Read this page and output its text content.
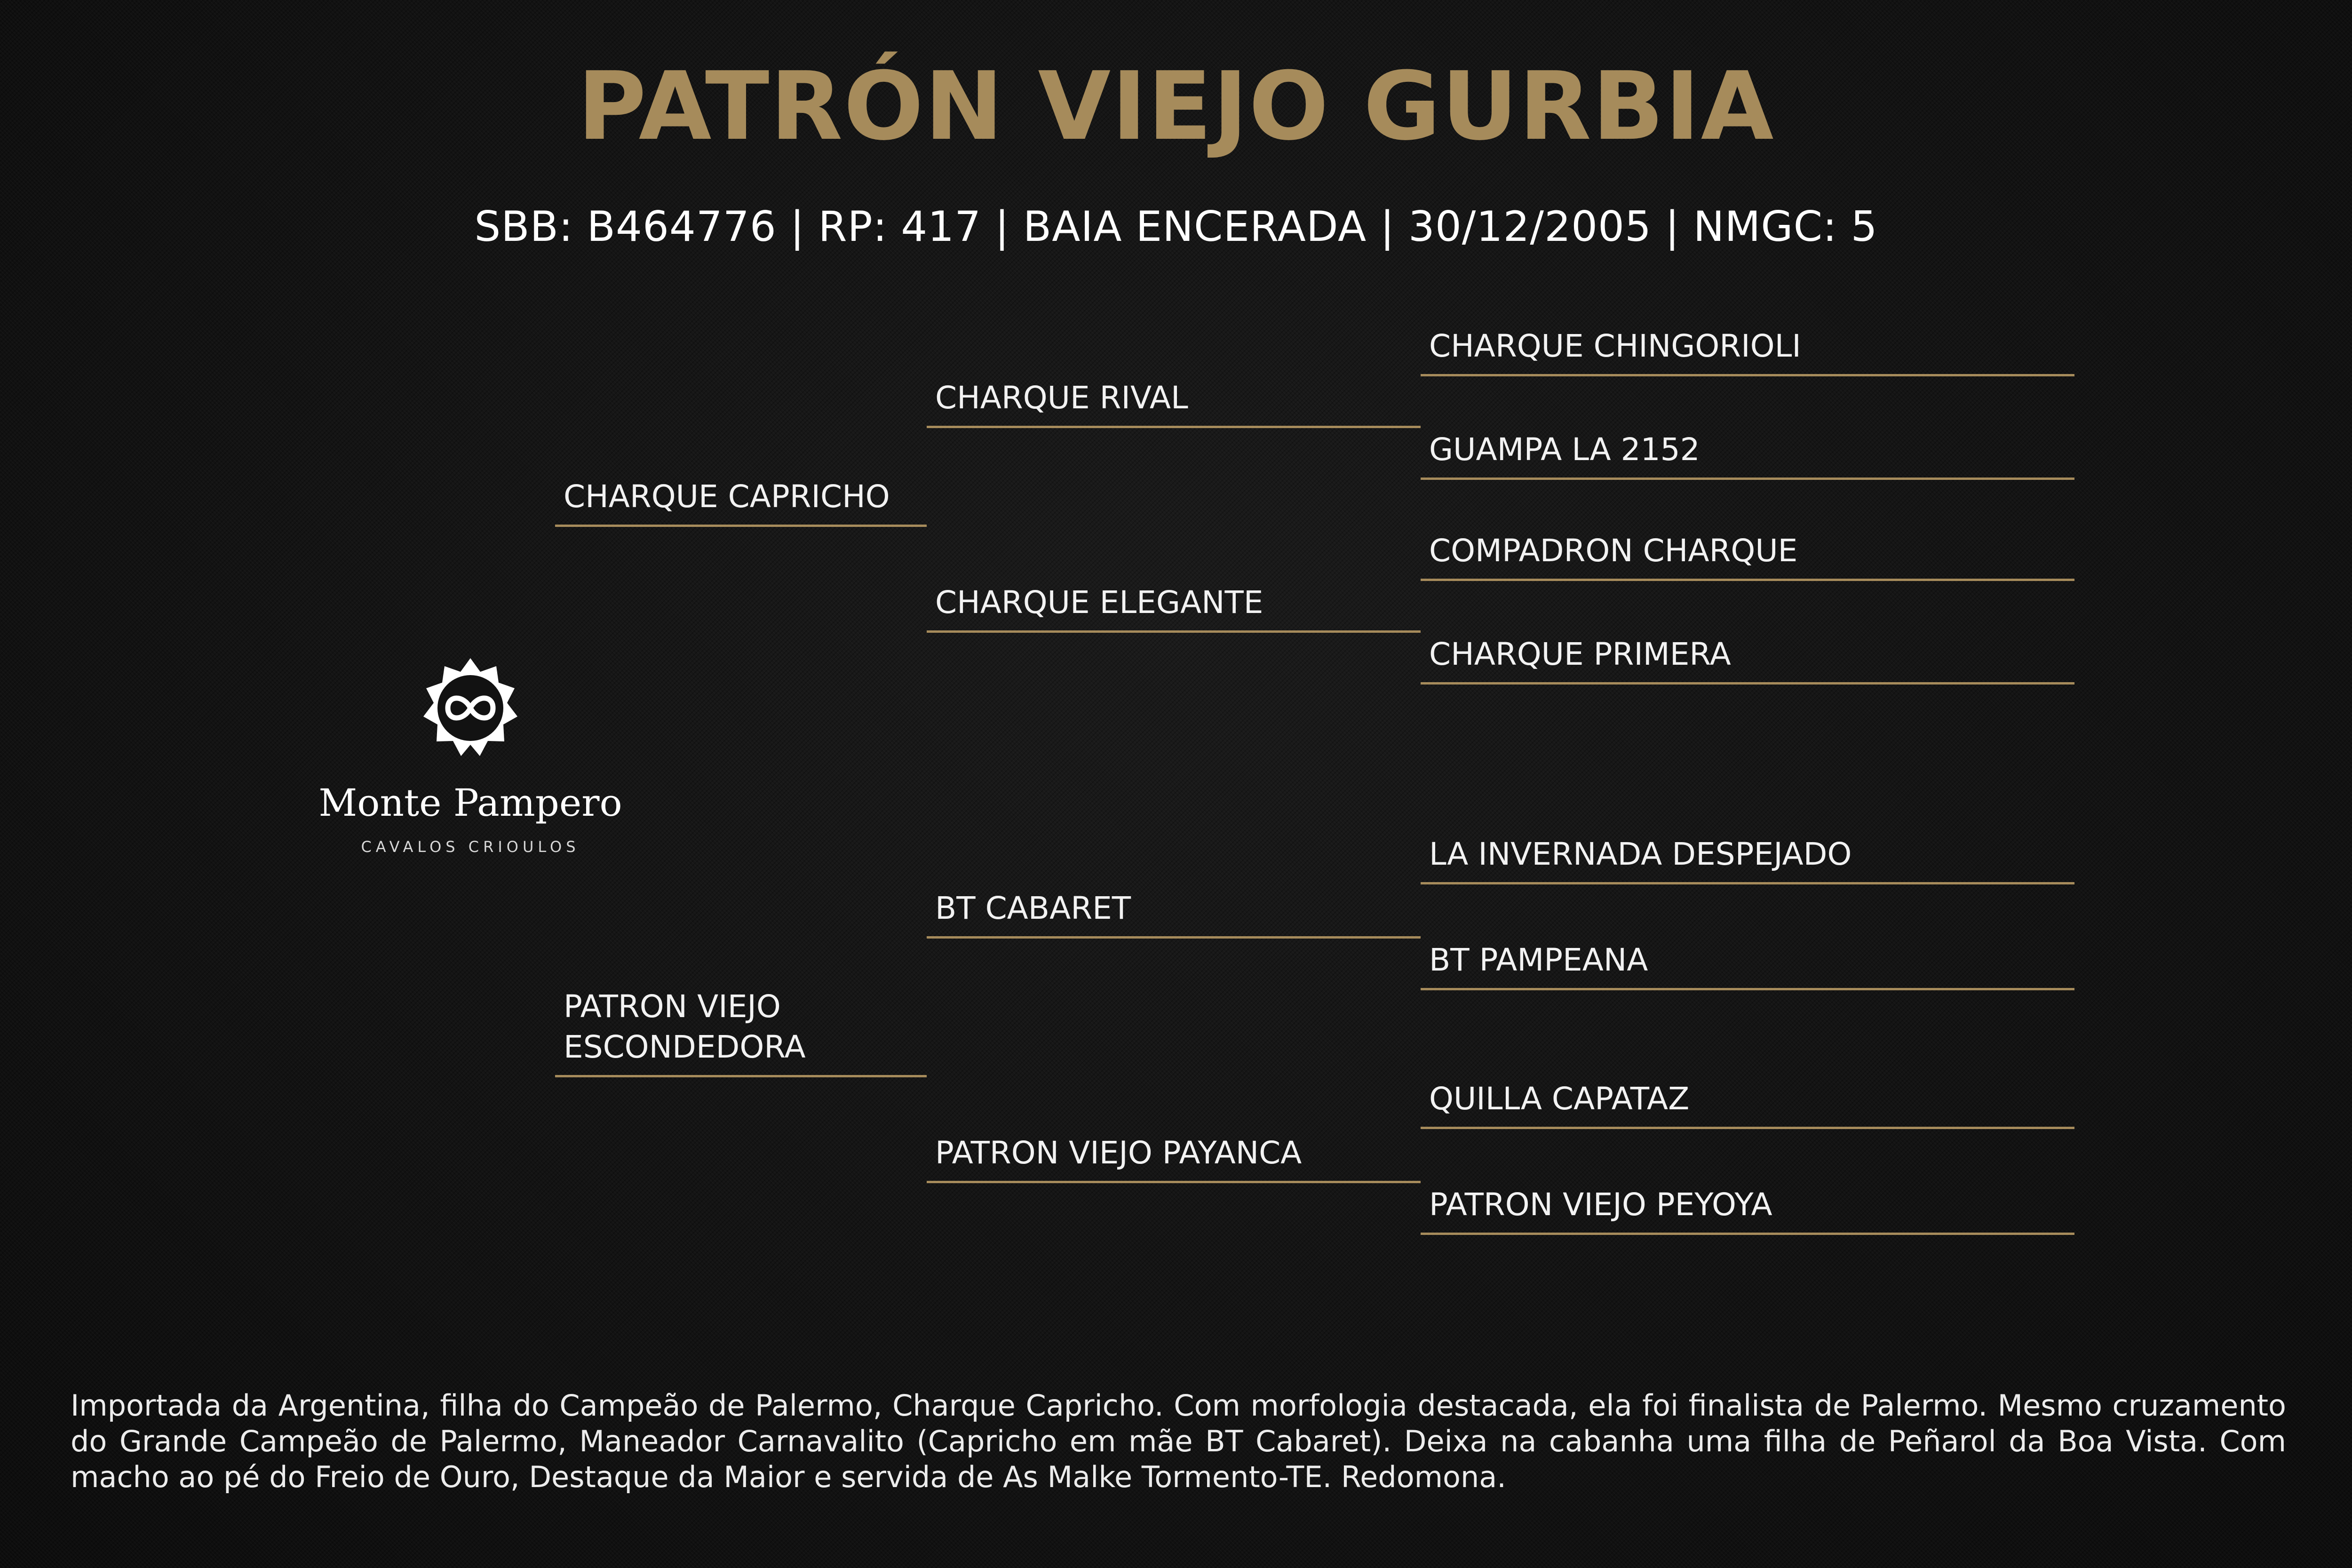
PATRÓN VIEJO GURBIA
SBB: B464776 | RP: 417 | BAIA ENCERADA | 30/12/2005 | NMGC: 5
Monte Pampero
CAVALOS CRIOULOS
CHARQUE CAPRICHO
PATRON VIEJO
ESCONDEDORA
CHARQUE RIVAL
CHARQUE ELEGANTE
BT CABARET
PATRON VIEJO PAYANCA
CHARQUE CHINGORIOLI
GUAMPA LA 2152
COMPADRON CHARQUE
CHARQUE PRIMERA
LA INVERNADA DESPEJADO
BT PAMPEANA
QUILLA CAPATAZ
PATRON VIEJO PEYOYA
Importada da Argentina, filha do Campeão de Palermo, Charque Capricho. Com morfologia destacada, ela foi finalista de Palermo. Mesmo cruzamento do Grande Campeão de Palermo, Maneador Carnavalito (Capricho em mãe BT Cabaret). Deixa na cabanha uma filha de Peñarol da Boa Vista. Com macho ao pé do Freio de Ouro, Destaque da Maior e servida de As Malke Tormento-TE. Redomona.
